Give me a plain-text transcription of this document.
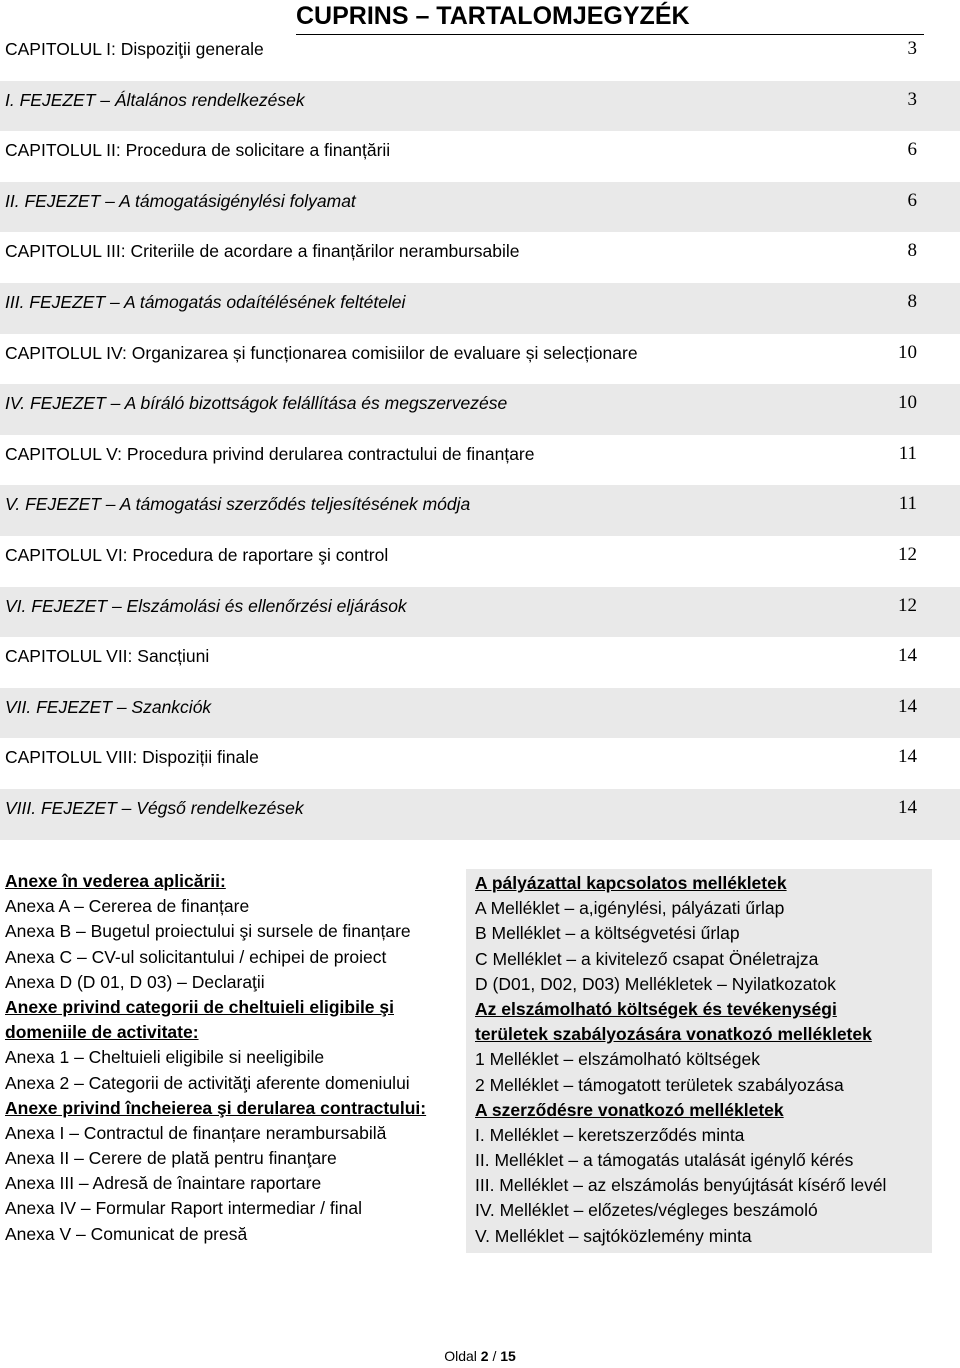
CUPRINS – TARTALOMJEGYZÉK
CAPITOLUL I: Dispoziţii generale	3
I. FEJEZET – Általános rendelkezések	3
CAPITOLUL II: Procedura de solicitare a finanțării	6
II. FEJEZET – A támogatásigénylési folyamat	6
CAPITOLUL III: Criteriile de acordare a finanțărilor nerambursabile	8
III. FEJEZET – A támogatás odaítélésének feltételei	8
CAPITOLUL IV: Organizarea și funcționarea comisiilor de evaluare și selecționare	10
IV. FEJEZET – A bíráló bizottságok felállítása és megszervezése	10
CAPITOLUL V: Procedura privind derularea contractului de finanțare	11
V. FEJEZET – A támogatási szerződés teljesítésének módja	11
CAPITOLUL VI: Procedura de raportare şi control	12
VI. FEJEZET – Elszámolási és ellenőrzési eljárások	12
CAPITOLUL VII: Sancțiuni	14
VII. FEJEZET – Szankciók	14
CAPITOLUL VIII: Dispoziții finale	14
VIII. FEJEZET – Végső rendelkezések	14
Anexe în vederea aplicării:
Anexa A – Cererea de finanțare
Anexa B – Bugetul proiectului şi sursele de finanțare
Anexa C – CV-ul solicitantului / echipei de proiect
Anexa D (D 01, D 03) – Declaraţii
Anexe privind categorii de cheltuieli eligibile şi
domeniile de activitate:
Anexa 1 – Cheltuieli eligibile si neeligibile
Anexa 2 – Categorii de activităţi aferente domeniului
Anexe privind încheierea şi derularea contractului:
Anexa I – Contractul de finanțare nerambursabilă
Anexa II – Cerere de plată pentru finanţare
Anexa III – Adresă de înaintare raportare
Anexa IV – Formular Raport intermediar / final
Anexa V – Comunicat de presă
A pályázattal kapcsolatos mellékletek
A Melléklet – a,igénylési, pályázati űrlap
B Melléklet – a költségvetési űrlap
C Melléklet – a kivitelező csapat Önéletrajza
D (D01, D02, D03) Mellékletek – Nyilatkozatok
Az elszámolható költségek és tevékenységi
területek szabályozására vonatkozó mellékletek
1 Melléklet – elszámolható költségek
2 Melléklet – támogatott területek szabályozása
A szerződésre vonatkozó mellékletek
I. Melléklet – keretszerződés minta
II. Melléklet – a támogatás utalását igénylő kérés
III. Melléklet – az elszámolás benyújtását kísérő levél
IV. Melléklet – előzetes/végleges beszámoló
V. Melléklet – sajtóközlemény minta
Oldal 2 / 15
